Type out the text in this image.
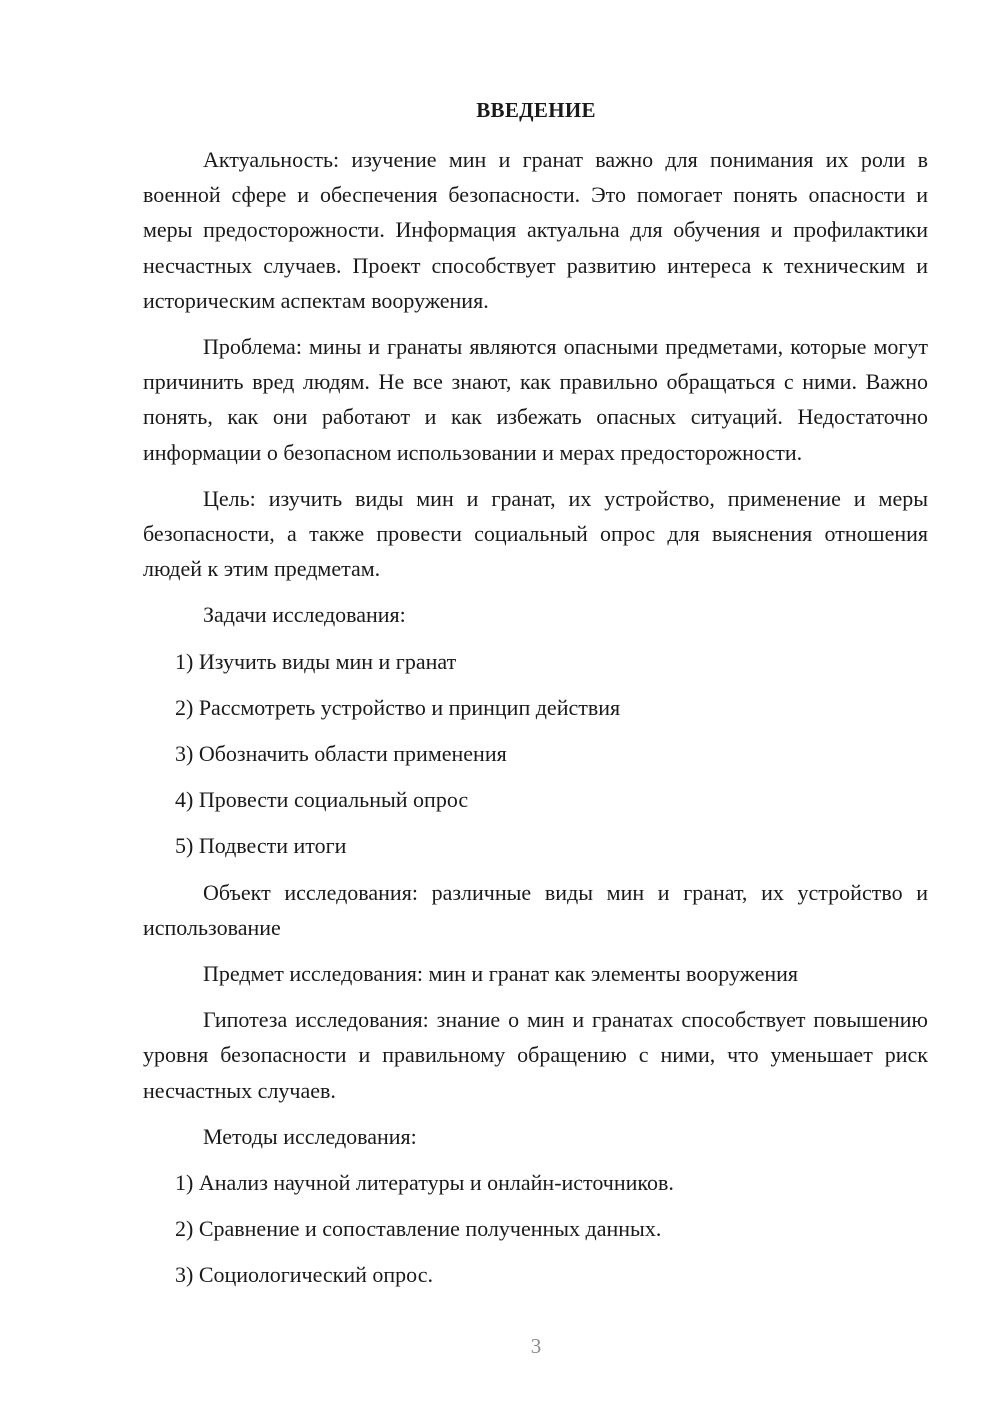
ВВЕДЕНИЕ

Актуальность: изучение мин и гранат важно для понимания их роли в военной сфере и обеспечения безопасности. Это помогает понять опасности и меры предосторожности. Информация актуальна для обучения и профилактики несчастных случаев. Проект способствует развитию интереса к техническим и историческим аспектам вооружения.

Проблема: мины и гранаты являются опасными предметами, которые могут причинить вред людям. Не все знают, как правильно обращаться с ними. Важно понять, как они работают и как избежать опасных ситуаций. Недостаточно информации о безопасном использовании и мерах предосторожности.

Цель: изучить виды мин и гранат, их устройство, применение и меры безопасности, а также провести социальный опрос для выяснения отношения людей к этим предметам.

Задачи исследования:

1) Изучить виды мин и гранат

2) Рассмотреть устройство и принцип действия

3) Обозначить области применения

4) Провести социальный опрос

5) Подвести итоги

Объект исследования: различные виды мин и гранат, их устройство и использование

Предмет исследования: мин и гранат как элементы вооружения

Гипотеза исследования: знание о мин и гранатах способствует повышению уровня безопасности и правильному обращению с ними, что уменьшает риск несчастных случаев.

Методы исследования:

1) Анализ научной литературы и онлайн-источников.

2) Сравнение и сопоставление полученных данных.

3) Социологический опрос.

3
